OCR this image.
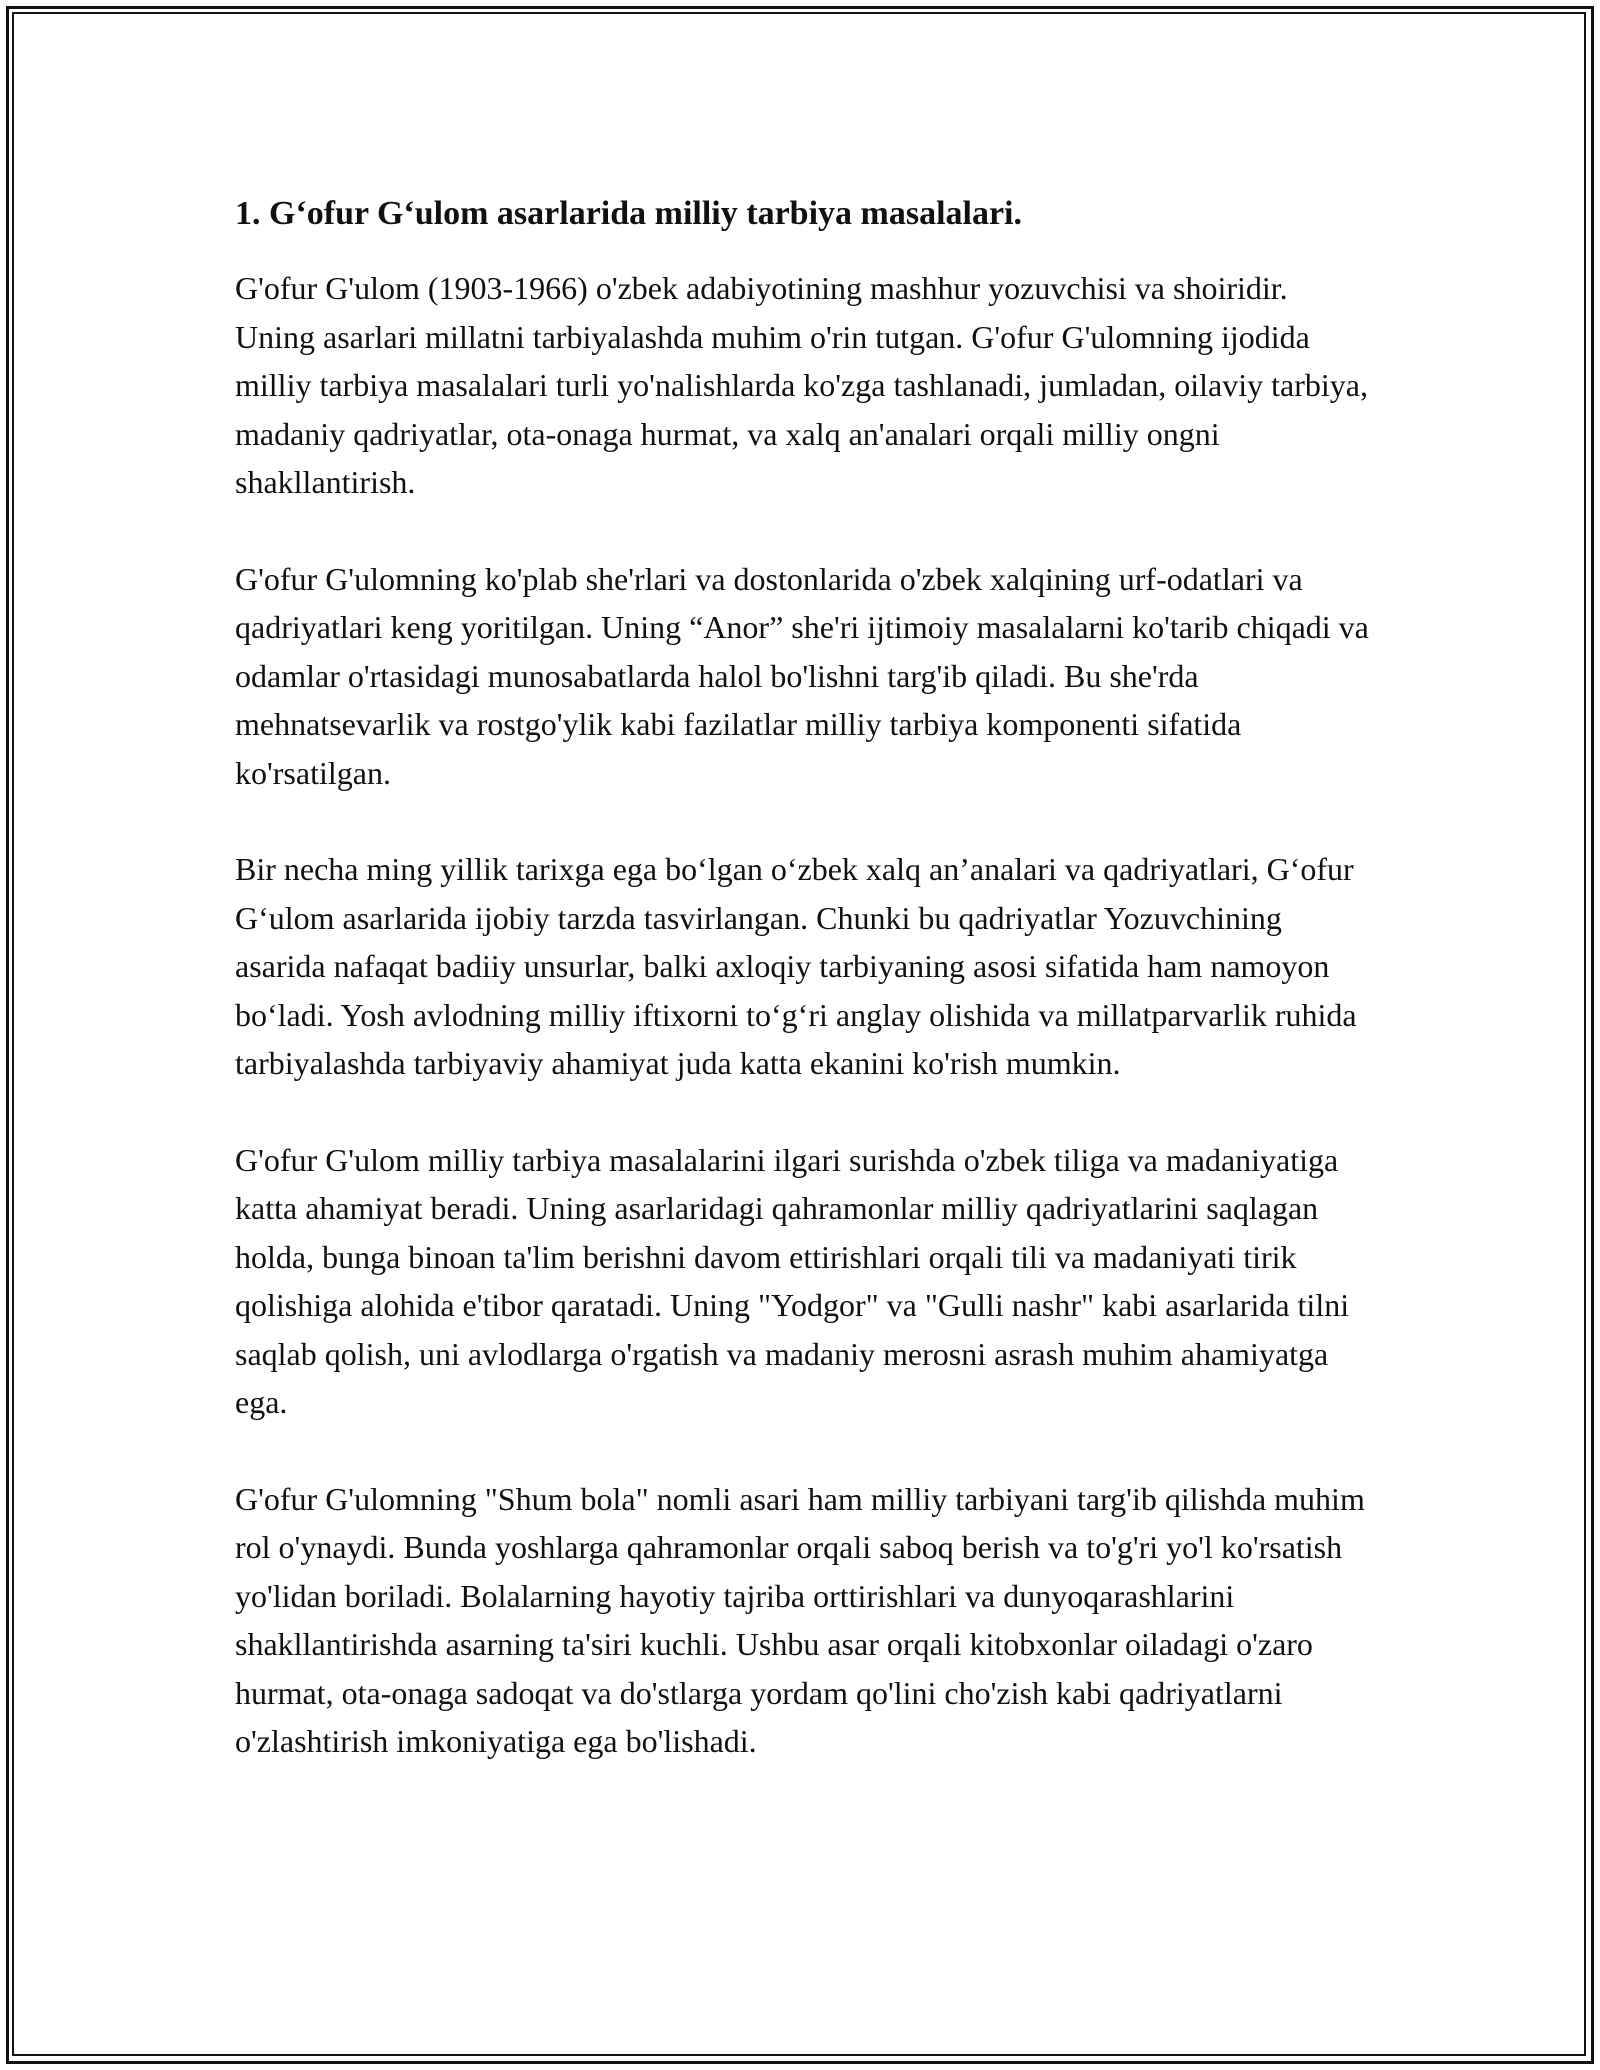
1. G‘ofur G‘ulom asarlarida milliy tarbiya masalalari.

G'ofur G'ulom (1903-1966) o'zbek adabiyotining mashhur yozuvchisi va shoiridir. Uning asarlari millatni tarbiyalashda muhim o'rin tutgan. G'ofur G'ulomning ijodida milliy tarbiya masalalari turli yo'nalishlarda ko'zga tashlanadi, jumladan, oilaviy tarbiya, madaniy qadriyatlar, ota-onaga hurmat, va xalq an'analari orqali milliy ongni shakllantirish.

G'ofur G'ulomning ko'plab she'rlari va dostonlarida o'zbek xalqining urf-odatlari va qadriyatlari keng yoritilgan. Uning “Anor” she'ri ijtimoiy masalalarni ko'tarib chiqadi va odamlar o'rtasidagi munosabatlarda halol bo'lishni targ'ib qiladi. Bu she'rda mehnatsevarlik va rostgo'ylik kabi fazilatlar milliy tarbiya komponenti sifatida ko'rsatilgan.

Bir necha ming yillik tarixga ega bo‘lgan o‘zbek xalq an’analari va qadriyatlari, G‘ofur G‘ulom asarlarida ijobiy tarzda tasvirlangan. Chunki bu qadriyatlar Yozuvchining asarida nafaqat badiiy unsurlar, balki axloqiy tarbiyaning asosi sifatida ham namoyon bo‘ladi. Yosh avlodning milliy iftixorni to‘g‘ri anglay olishida va millatparvarlik ruhida tarbiyalashda tarbiyaviy ahamiyat juda katta ekanini ko'rish mumkin.

G'ofur G'ulom milliy tarbiya masalalarini ilgari surishda o'zbek tiliga va madaniyatiga katta ahamiyat beradi. Uning asarlaridagi qahramonlar milliy qadriyatlarini saqlagan holda, bunga binoan ta'lim berishni davom ettirishlari orqali tili va madaniyati tirik qolishiga alohida e'tibor qaratadi. Uning "Yodgor" va "Gulli nashr" kabi asarlarida tilni saqlab qolish, uni avlodlarga o'rgatish va madaniy merosni asrash muhim ahamiyatga ega.

G'ofur G'ulomning "Shum bola" nomli asari ham milliy tarbiyani targ'ib qilishda muhim rol o'ynaydi. Bunda yoshlarga qahramonlar orqali saboq berish va to'g'ri yo'l ko'rsatish yo'lidan boriladi. Bolalarning hayotiy tajriba orttirishlari va dunyoqarashlarini shakllantirishda asarning ta'siri kuchli. Ushbu asar orqali kitobxonlar oiladagi o'zaro hurmat, ota-onaga sadoqat va do'stlarga yordam qo'lini cho'zish kabi qadriyatlarni o'zlashtirish imkoniyatiga ega bo'lishadi.
